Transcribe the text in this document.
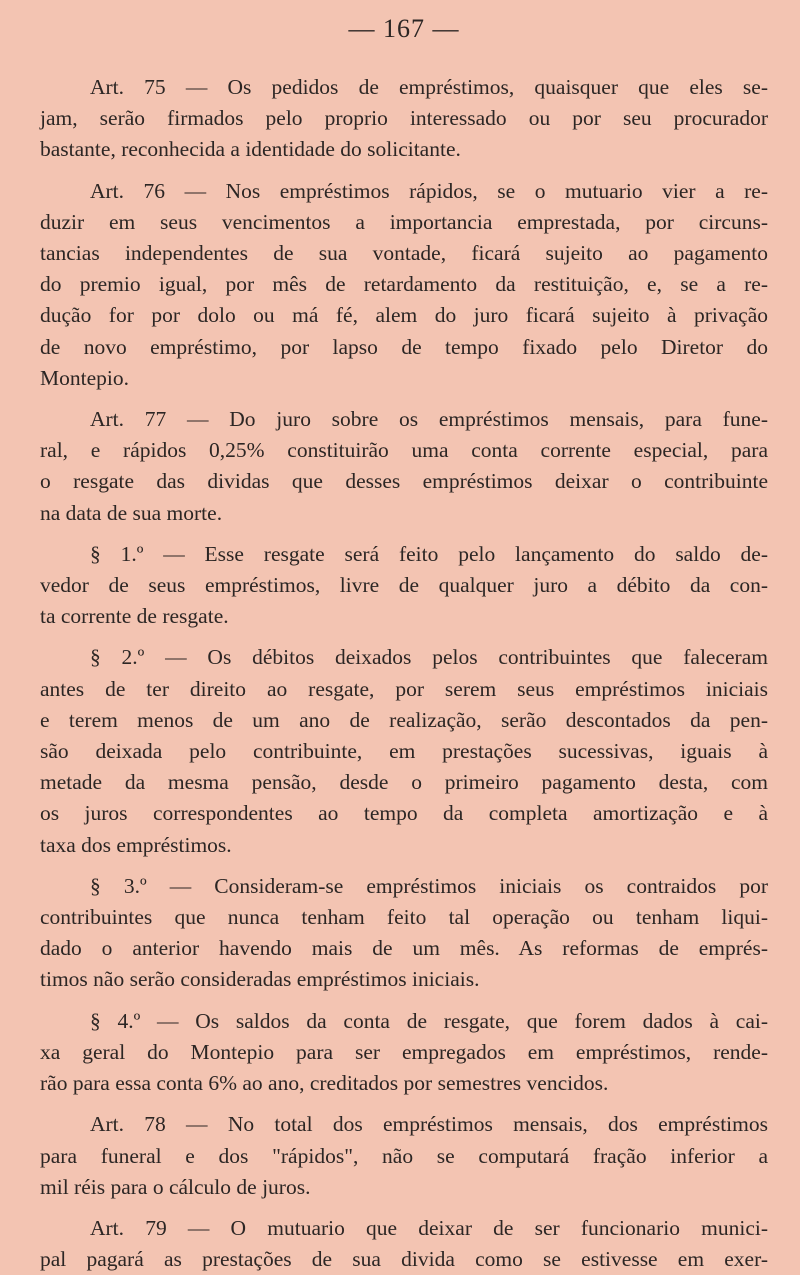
— 167 —
Art. 75 — Os pedidos de empréstimos, quaisquer que eles se-
jam, serão firmados pelo proprio interessado ou por seu procurador
bastante, reconhecida a identidade do solicitante.
Art. 76 — Nos empréstimos rápidos, se o mutuario vier a re-
duzir em seus vencimentos a importancia emprestada, por circuns-
tancias independentes de sua vontade, ficará sujeito ao pagamento
do premio igual, por mês de retardamento da restituição, e, se a re-
dução for por dolo ou má fé, alem do juro ficará sujeito à privação
de novo empréstimo, por lapso de tempo fixado pelo Diretor do
Montepio.
Art. 77 — Do juro sobre os empréstimos mensais, para fune-
ral, e rápidos 0,25% constituirão uma conta corrente especial, para
o resgate das dividas que desses empréstimos deixar o contribuinte
na data de sua morte.
§ 1.º — Esse resgate será feito pelo lançamento do saldo de-
vedor de seus empréstimos, livre de qualquer juro a débito da con-
ta corrente de resgate.
§ 2.º — Os débitos deixados pelos contribuintes que faleceram
antes de ter direito ao resgate, por serem seus empréstimos iniciais
e terem menos de um ano de realização, serão descontados da pen-
são deixada pelo contribuinte, em prestações sucessivas, iguais à
metade da mesma pensão, desde o primeiro pagamento desta, com
os juros correspondentes ao tempo da completa amortização e à
taxa dos empréstimos.
§ 3.º — Consideram-se empréstimos iniciais os contraidos por
contribuintes que nunca tenham feito tal operação ou tenham liqui-
dado o anterior havendo mais de um mês. As reformas de emprés-
timos não serão consideradas empréstimos iniciais.
§ 4.º — Os saldos da conta de resgate, que forem dados à cai-
xa geral do Montepio para ser empregados em empréstimos, rende-
rão para essa conta 6% ao ano, creditados por semestres vencidos.
Art. 78 — No total dos empréstimos mensais, dos empréstimos
para funeral e dos "rápidos", não se computará fração inferior a
mil réis para o cálculo de juros.
Art. 79 — O mutuario que deixar de ser funcionario munici-
pal pagará as prestações de sua divida como se estivesse em exer-
